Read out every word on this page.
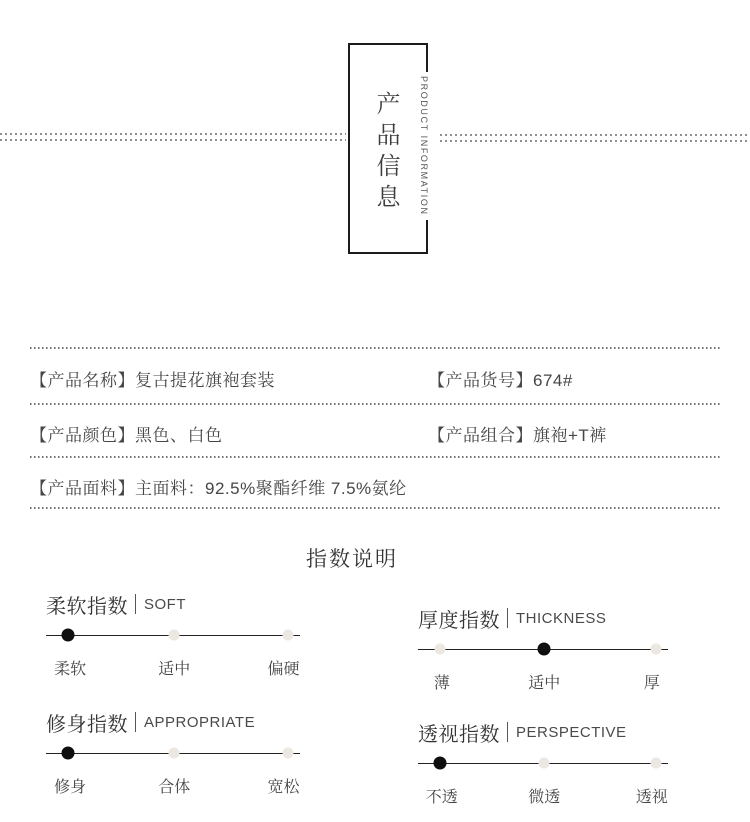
产品信息	PRODUCT INFORMATION
【产品名称】复古提花旗袍套装	【产品货号】674#
【产品颜色】黑色、白色	【产品组合】旗袍+T裤
【产品面料】主面料：92.5%聚酯纤维 7.5%氨纶
指数说明
柔软指数 SOFT
柔软	适中	偏硬
厚度指数 THICKNESS
薄	适中	厚
修身指数 APPROPRIATE
修身	合体	宽松
透视指数 PERSPECTIVE
不透	微透	透视
